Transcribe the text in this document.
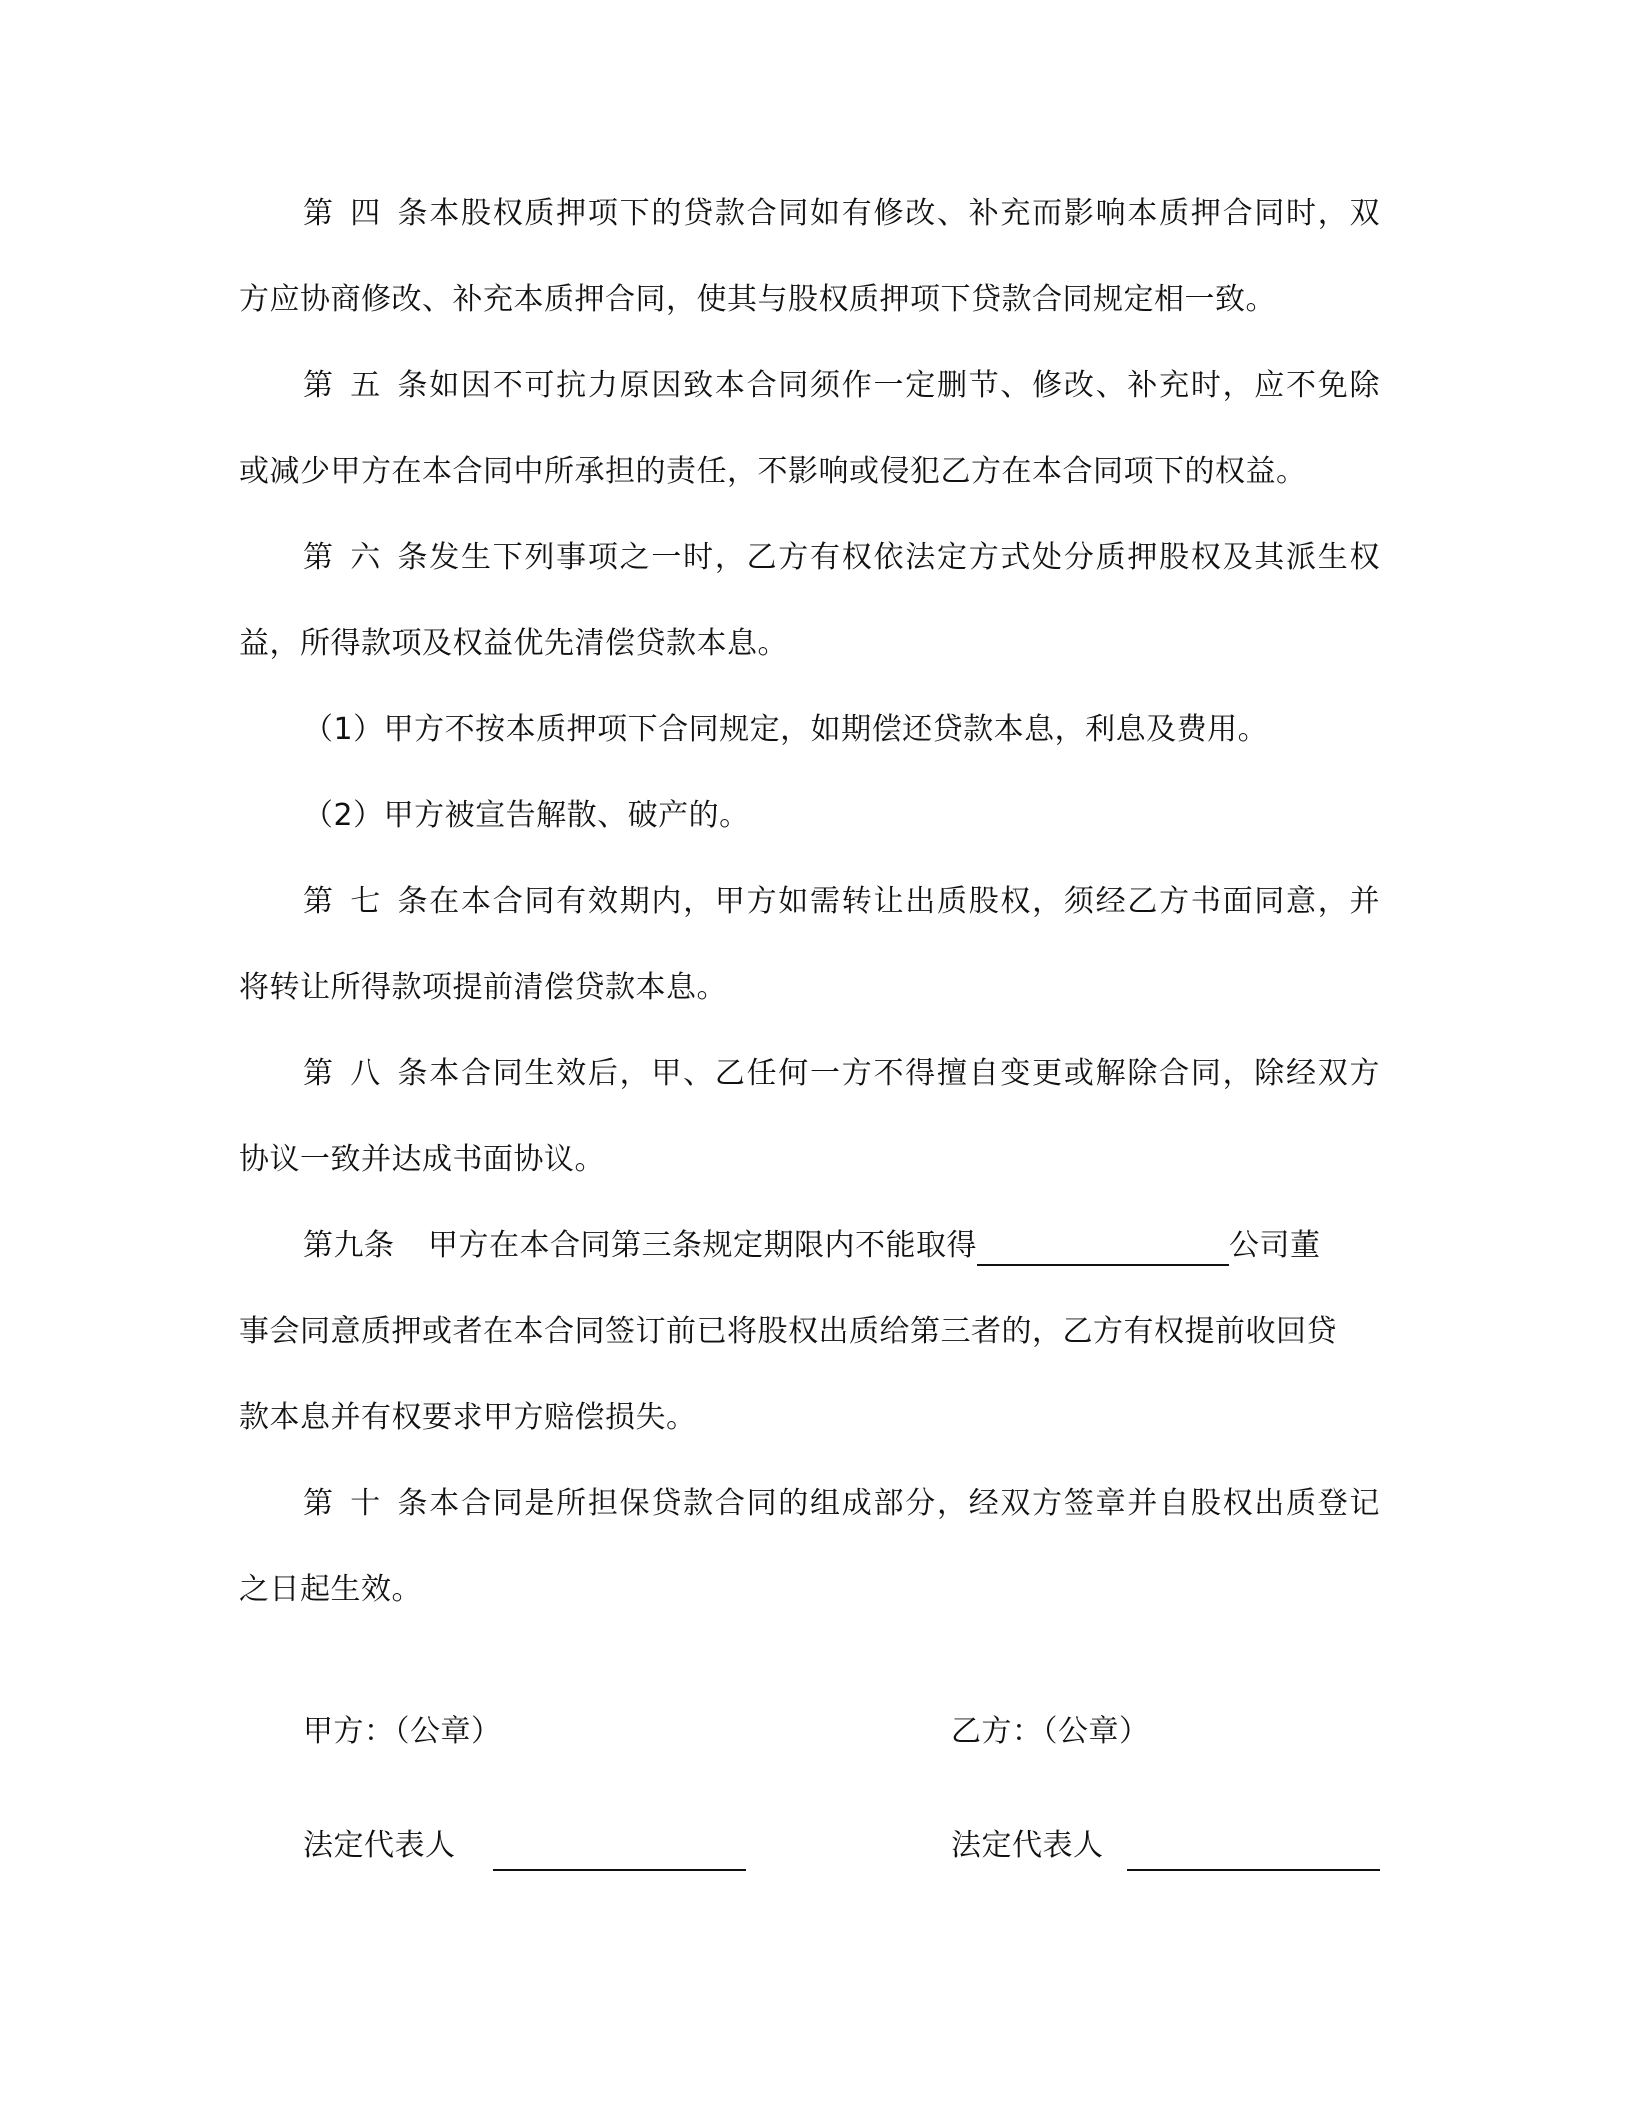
第四条本股权质押项下的贷款合同如有修改、补充而影响本质押合同时，双
方应协商修改、补充本质押合同，使其与股权质押项下贷款合同规定相一致。
第五条如因不可抗力原因致本合同须作一定删节、修改、补充时，应不免除
或减少甲方在本合同中所承担的责任，不影响或侵犯乙方在本合同项下的权益。
第六条发生下列事项之一时，乙方有权依法定方式处分质押股权及其派生权
益，所得款项及权益优先清偿贷款本息。
（1）甲方不按本质押项下合同规定，如期偿还贷款本息，利息及费用。
（2）甲方被宣告解散、破产的。
第七条在本合同有效期内，甲方如需转让出质股权，须经乙方书面同意，并
将转让所得款项提前清偿贷款本息。
第八条本合同生效后，甲、乙任何一方不得擅自变更或解除合同，除经双方
协议一致并达成书面协议。
第九条 甲方在本合同第三条规定期限内不能取得	公司董
事会同意质押或者在本合同签订前已将股权出质给第三者的，乙方有权提前收回贷
款本息并有权要求甲方赔偿损失。
第十条本合同是所担保贷款合同的组成部分，经双方签章并自股权出质登记
之日起生效。
甲方：（公章）	乙方：（公章）
法定代表人	法定代表人
